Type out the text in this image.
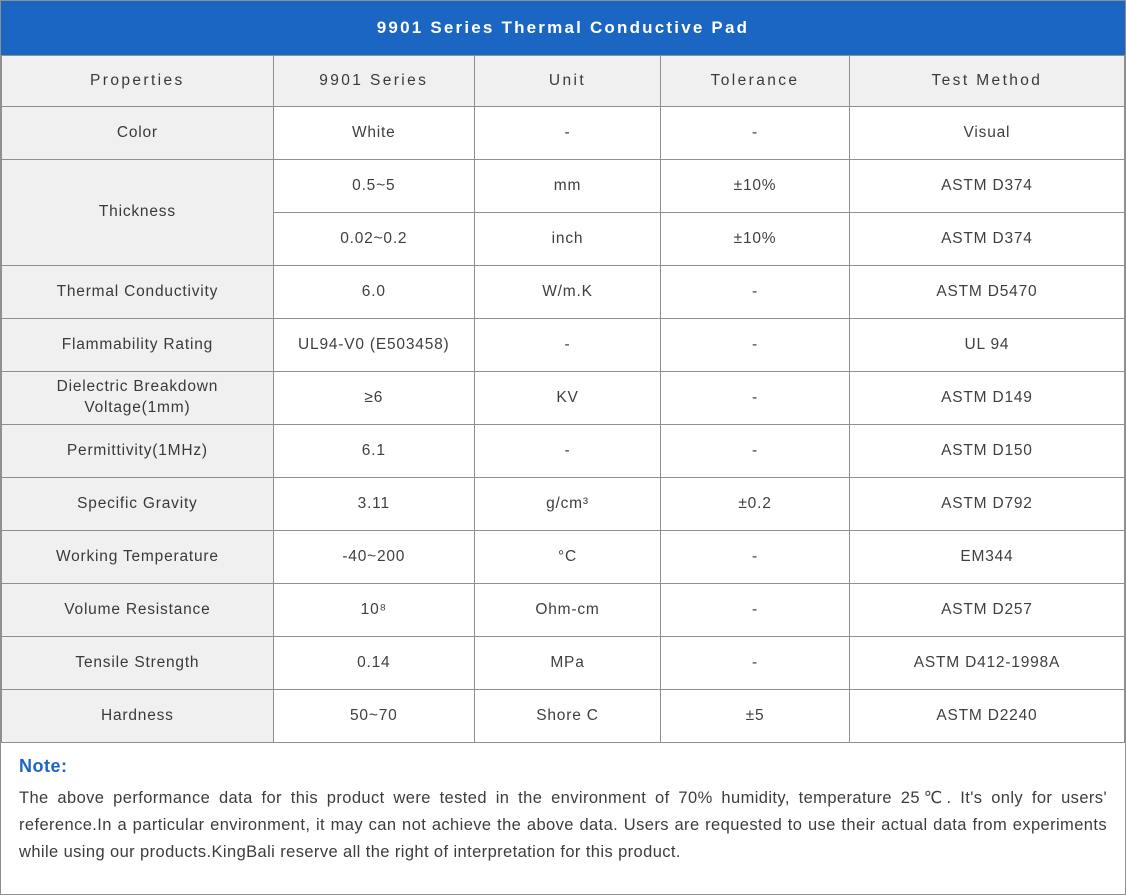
9901 Series Thermal Conductive Pad
Properties	9901 Series	Unit	Tolerance	Test Method
Color	White	-	-	Visual
Thickness	0.5~5	mm	±10%	ASTM D374
	0.02~0.2	inch	±10%	ASTM D374
Thermal Conductivity	6.0	W/m.K	-	ASTM D5470
Flammability Rating	UL94-V0 (E503458)	-	-	UL 94
Dielectric Breakdown Voltage(1mm)	≥6	KV	-	ASTM D149
Permittivity(1MHz)	6.1	-	-	ASTM D150
Specific Gravity	3.11	g/cm³	±0.2	ASTM D792
Working Temperature	-40~200	°C	-	EM344
Volume Resistance	10⁸	Ohm-cm	-	ASTM D257
Tensile Strength	0.14	MPa	-	ASTM D412-1998A
Hardness	50~70	Shore C	±5	ASTM D2240
Note:
The above performance data for this product were tested in the environment of 70% humidity, temperature 25℃. It's only for users' reference.In a particular environment, it may can not achieve the above data. Users are requested to use their actual data from experiments while using our products.KingBali reserve all the right of interpretation for this product.
